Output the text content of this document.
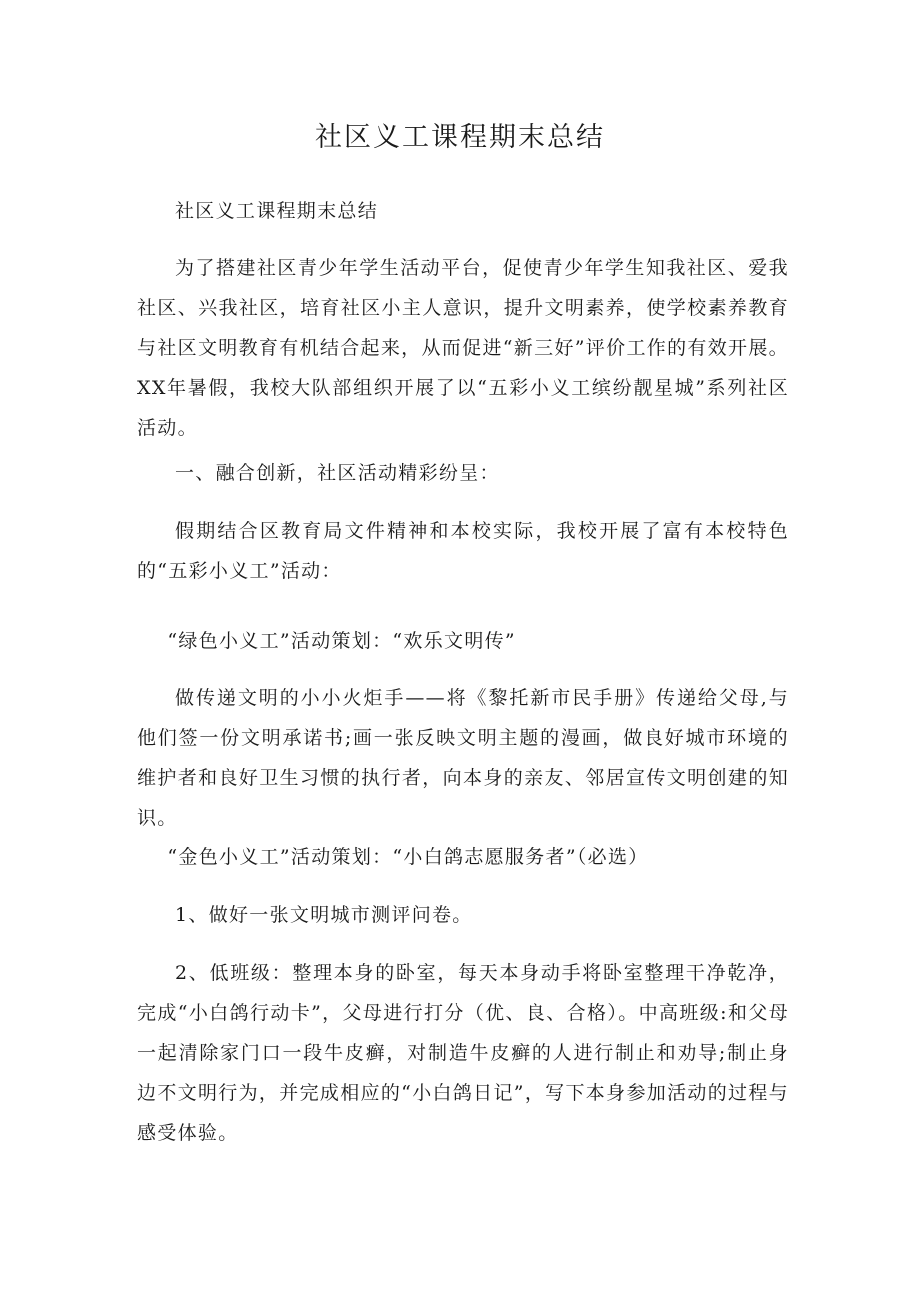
社区义工课程期末总结

社区义工课程期末总结

为了搭建社区青少年学生活动平台，促使青少年学生知我社区、爱我社区、兴我社区，培育社区小主人意识，提升文明素养，使学校素养教育与社区文明教育有机结合起来，从而促进“新三好”评价工作的有效开展。XX年暑假，我校大队部组织开展了以“五彩小义工缤纷靓星城”系列社区活动。

一、融合创新，社区活动精彩纷呈：

假期结合区教育局文件精神和本校实际，我校开展了富有本校特色的“五彩小义工”活动：

“绿色小义工”活动策划：“欢乐文明传”

做传递文明的小小火炬手——将《黎托新市民手册》传递给父母,与他们签一份文明承诺书;画一张反映文明主题的漫画，做良好城市环境的维护者和良好卫生习惯的执行者，向本身的亲友、邻居宣传文明创建的知识。

“金色小义工”活动策划：“小白鸽志愿服务者”（必选）

1、做好一张文明城市测评问卷。

2、低班级：整理本身的卧室，每天本身动手将卧室整理干净乾净，完成“小白鸽行动卡”，父母进行打分（优、良、合格）。中高班级:和父母一起清除家门口一段牛皮癣，对制造牛皮癣的人进行制止和劝导;制止身边不文明行为，并完成相应的“小白鸽日记”，写下本身参加活动的过程与感受体验。
